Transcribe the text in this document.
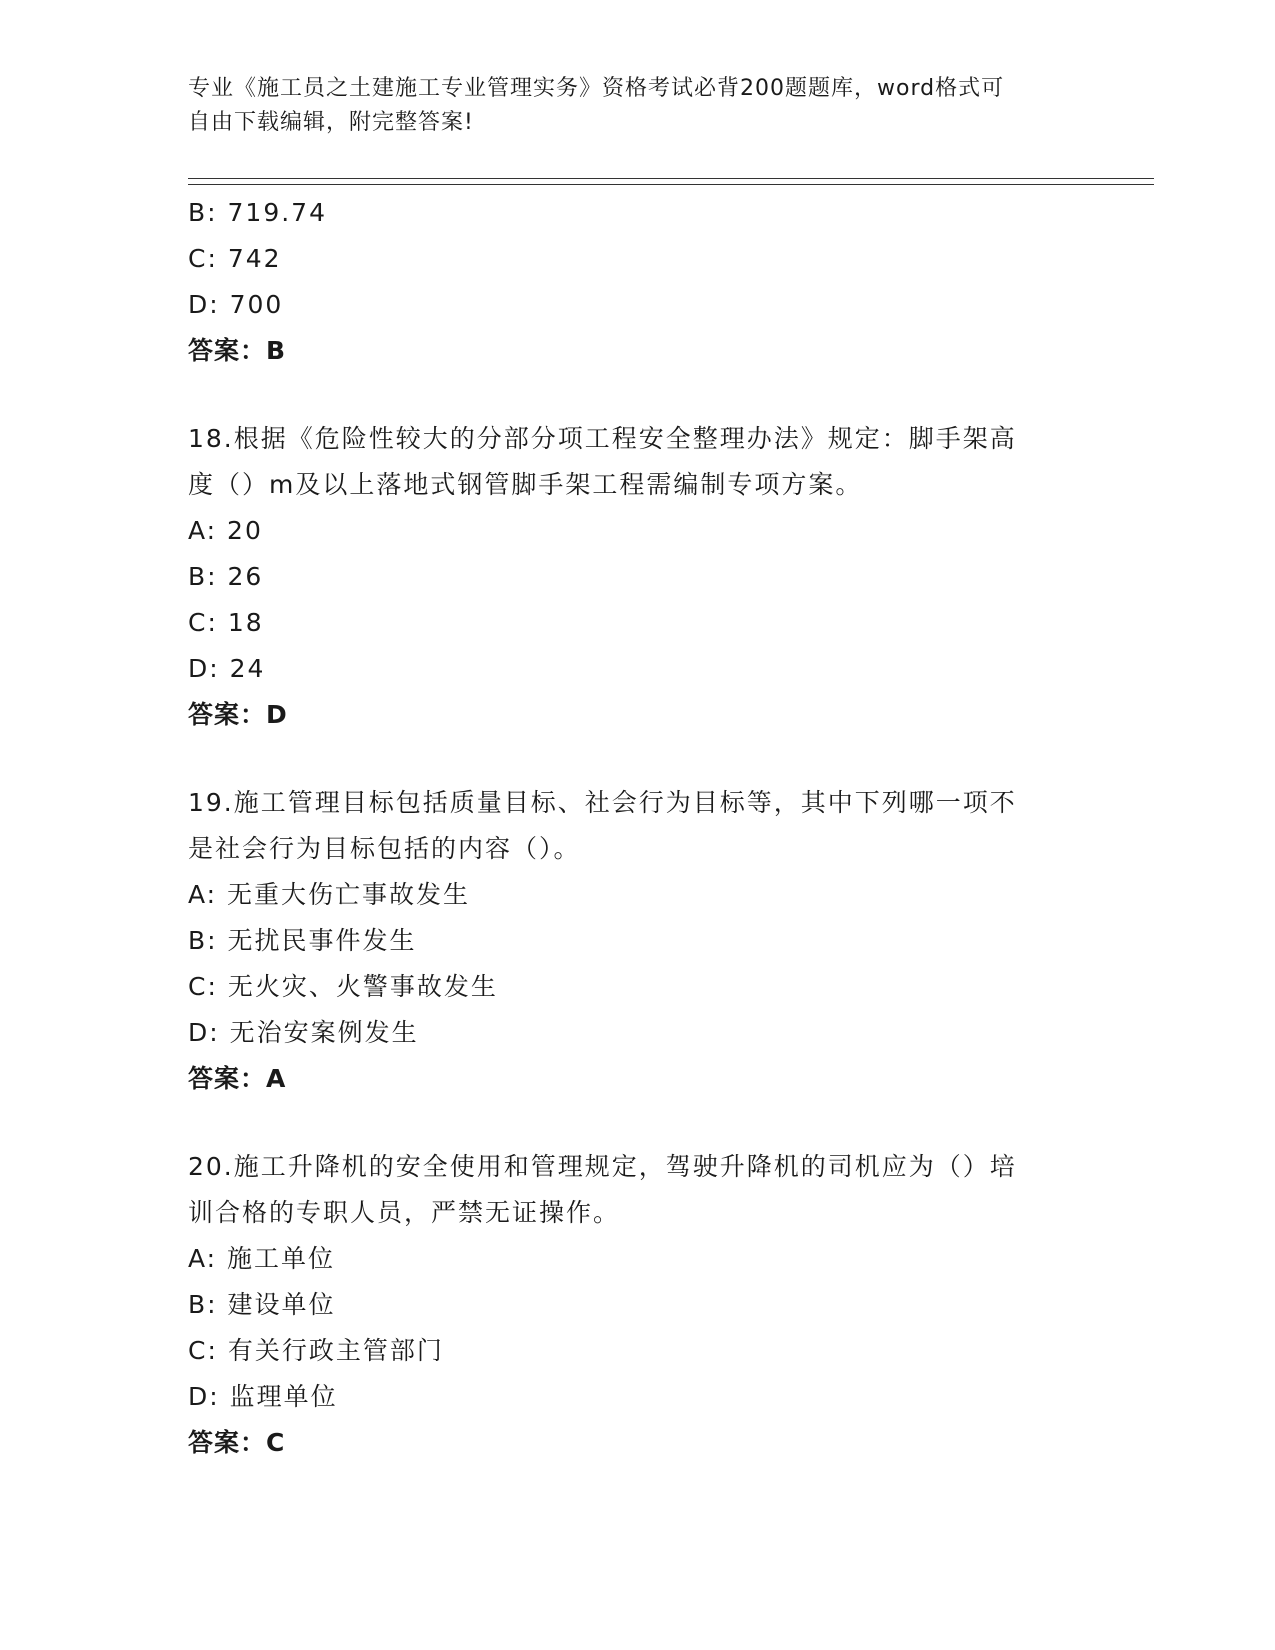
专业《施工员之土建施工专业管理实务》资格考试必背200题题库，word格式可
自由下载编辑，附完整答案!
B: 719.74
C: 742
D: 700
答案：B
18.根据《危险性较大的分部分项工程安全整理办法》规定：脚手架高
度（）m及以上落地式钢管脚手架工程需编制专项方案。
A: 20
B: 26
C: 18
D: 24
答案：D
19.施工管理目标包括质量目标、社会行为目标等，其中下列哪一项不
是社会行为目标包括的内容（）。
A: 无重大伤亡事故发生
B: 无扰民事件发生
C: 无火灾、火警事故发生
D: 无治安案例发生
答案：A
20.施工升降机的安全使用和管理规定，驾驶升降机的司机应为（）培
训合格的专职人员，严禁无证操作。
A: 施工单位
B: 建设单位
C: 有关行政主管部门
D: 监理单位
答案：C
